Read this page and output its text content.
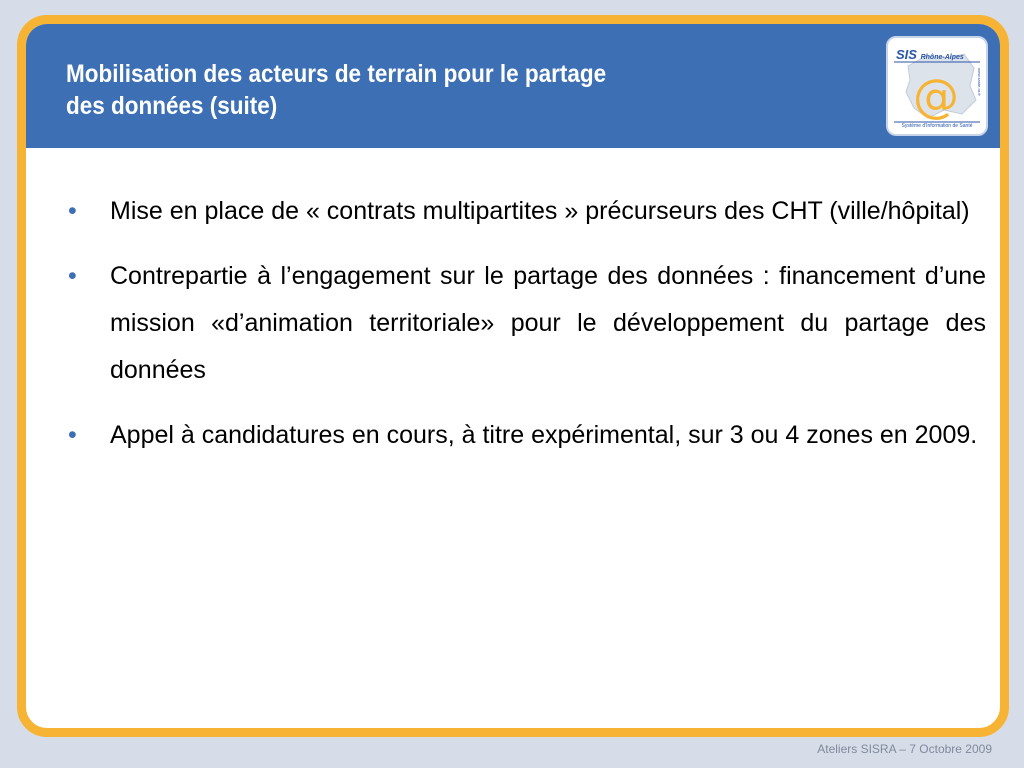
Mobilisation des acteurs de terrain pour le partage
des données (suite)	@
SIS Rhône-Alpes
www.sante-ra.fr
Système d'Information de Santé
• Mise en place de « contrats multipartites » précurseurs des CHT (ville/hôpital)
• Contrepartie à l’engagement sur le partage des données : financement d’une mission «d’animation territoriale» pour le développement du partage des données
• Appel à candidatures en cours, à titre expérimental, sur 3 ou 4 zones en 2009.
Ateliers SISRA – 7 Octobre 2009
